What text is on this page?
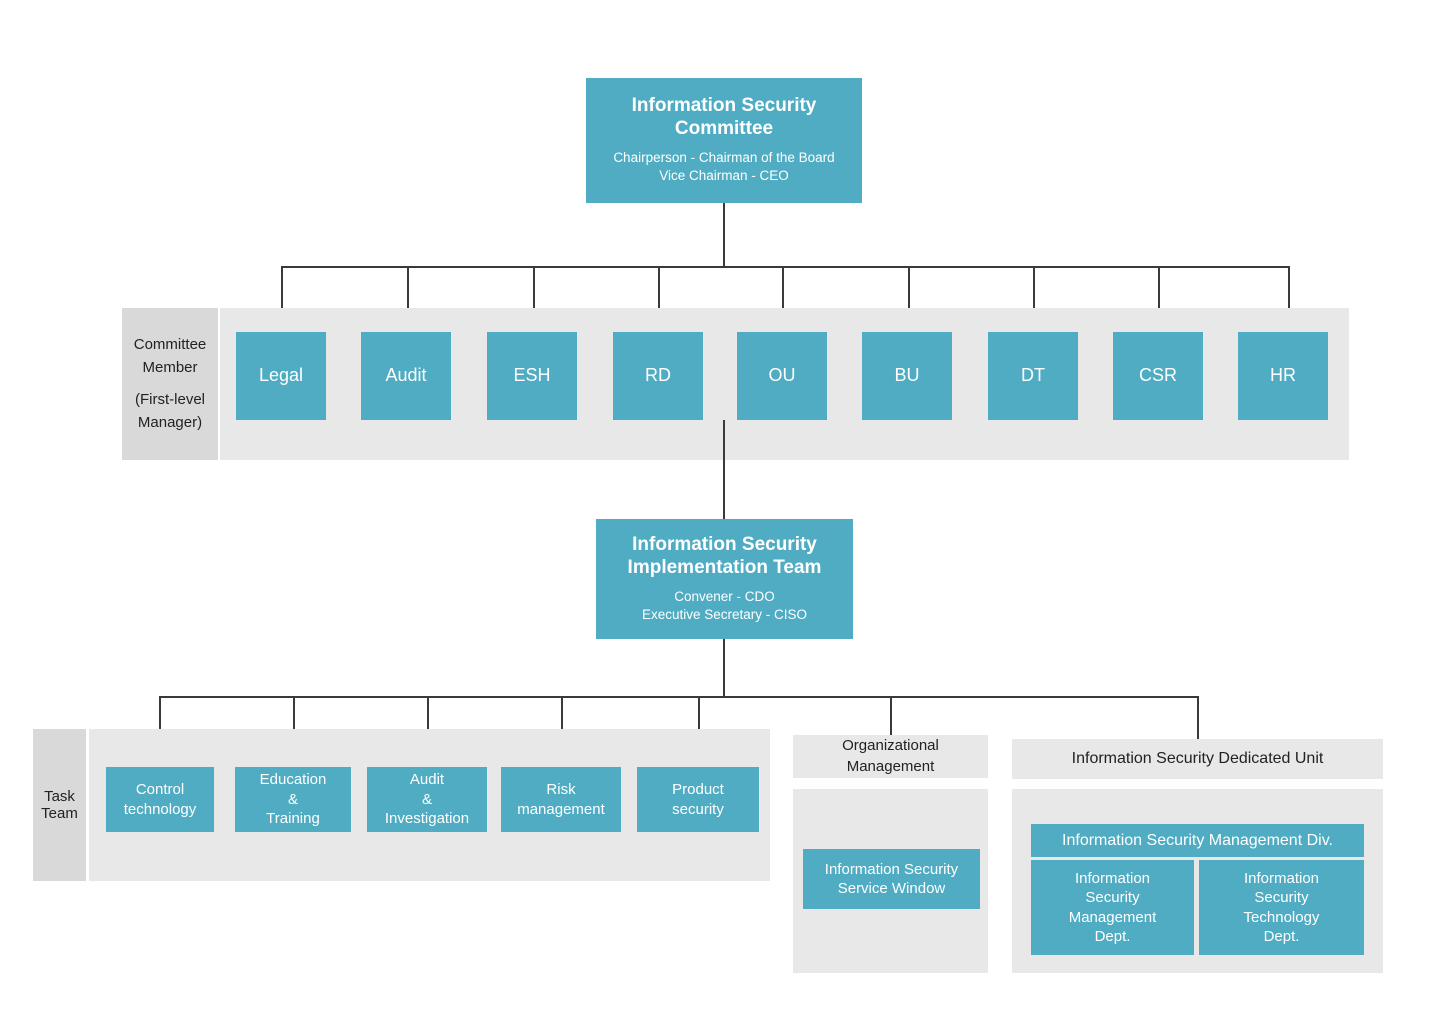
Information Security Committee
Chairperson - Chairman of the Board
Vice Chairman - CEO
Committee
Member
(First-level
Manager)
Legal	Audit	ESH	RD	OU	BU	DT	CSR	HR
Information Security
Implementation Team
Convener - CDO
Executive Secretary - CISO
Task
Team
Control
technology
Education
&
Training
Audit
&
Investigation
Risk
management
Product
security
Organizational
Management
Information Security
Service Window
Information Security Dedicated Unit
Information Security Management Div.
Information
Security
Management
Dept.
Information
Security
Technology
Dept.
